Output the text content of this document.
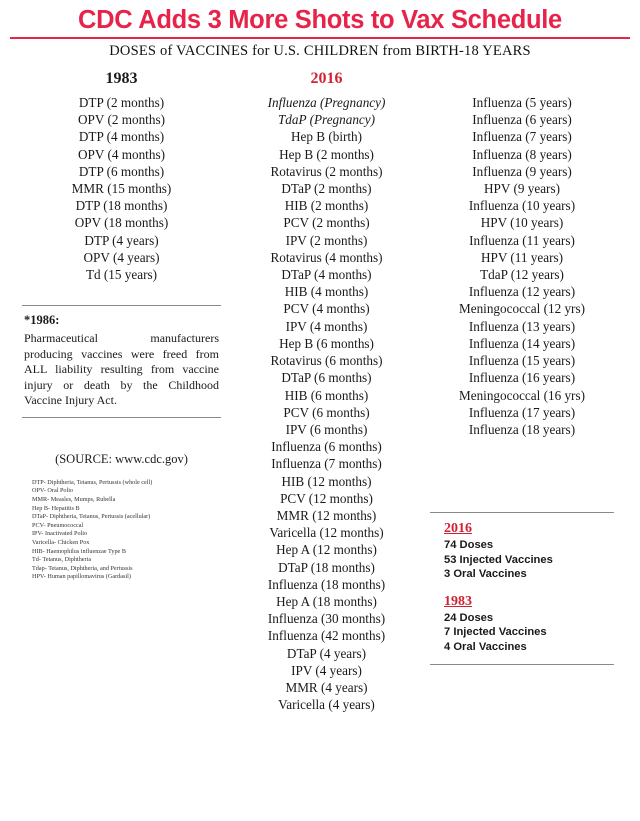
CDC Adds 3 More Shots to Vax Schedule
DOSES of VACCINES for U.S. CHILDREN from BIRTH-18 YEARS
1983
DTP (2 months)
OPV (2 months)
DTP (4 months)
OPV (4 months)
DTP (6 months)
MMR (15 months)
DTP (18 months)
OPV (18 months)
DTP (4 years)
OPV (4 years)
Td (15 years)
*1986:
Pharmaceutical manufacturers producing vaccines were freed from ALL liability resulting from vaccine injury or death by the Childhood Vaccine Injury Act.
(SOURCE: www.cdc.gov)
DTP- Diphtheria, Tetanus, Pertussis (whole cell)
OPV- Oral Polio
MMR- Measles, Mumps, Rubella
Hep B- Hepatitis B
DTaP- Diphtheria, Tetanus, Pertussis (acellular)
PCV- Pneumococcal
IPV- Inactivated Polio
Varicella- Chicken Pox
HIB- Haemophilus influenzae Type B
Td- Tetanus, Diphtheria
Tdap- Tetanus, Diphtheria, and Pertussis
HPV- Human papillomavirus (Gardasil)
2016
Influenza (Pregnancy)
TdaP (Pregnancy)
Hep B (birth)
Hep B (2 months)
Rotavirus (2 months)
DTaP (2 months)
HIB (2 months)
PCV (2 months)
IPV (2 months)
Rotavirus (4 months)
DTaP (4 months)
HIB (4 months)
PCV (4 months)
IPV (4 months)
Hep B (6 months)
Rotavirus (6 months)
DTaP (6 months)
HIB (6 months)
PCV (6 months)
IPV (6 months)
Influenza (6 months)
Influenza (7 months)
HIB (12 months)
PCV (12 months)
MMR (12 months)
Varicella (12 months)
Hep A (12 months)
DTaP (18 months)
Influenza (18 months)
Hep A (18 months)
Influenza (30 months)
Influenza (42 months)
DTaP (4 years)
IPV (4 years)
MMR (4 years)
Varicella (4 years)
Influenza (5 years)
Influenza (6 years)
Influenza (7 years)
Influenza (8 years)
Influenza (9 years)
HPV (9 years)
Influenza (10 years)
HPV (10 years)
Influenza (11 years)
HPV (11 years)
TdaP (12 years)
Influenza (12 years)
Meningococcal (12 yrs)
Influenza (13 years)
Influenza (14 years)
Influenza (15 years)
Influenza (16 years)
Meningococcal (16 yrs)
Influenza (17 years)
Influenza (18 years)
2016
74 Doses
53 Injected Vaccines
3 Oral Vaccines
1983
24 Doses
7 Injected Vaccines
4 Oral Vaccines
